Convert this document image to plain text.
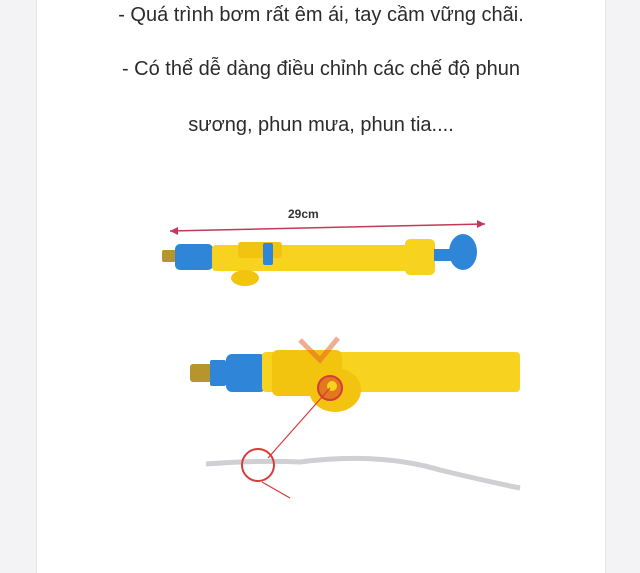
- Quá trình bơm rất êm ái, tay cầm vững chãi.
- Có thể dễ dàng điều chỉnh các chế độ phun
sương, phun mưa, phun tia....
29cm
